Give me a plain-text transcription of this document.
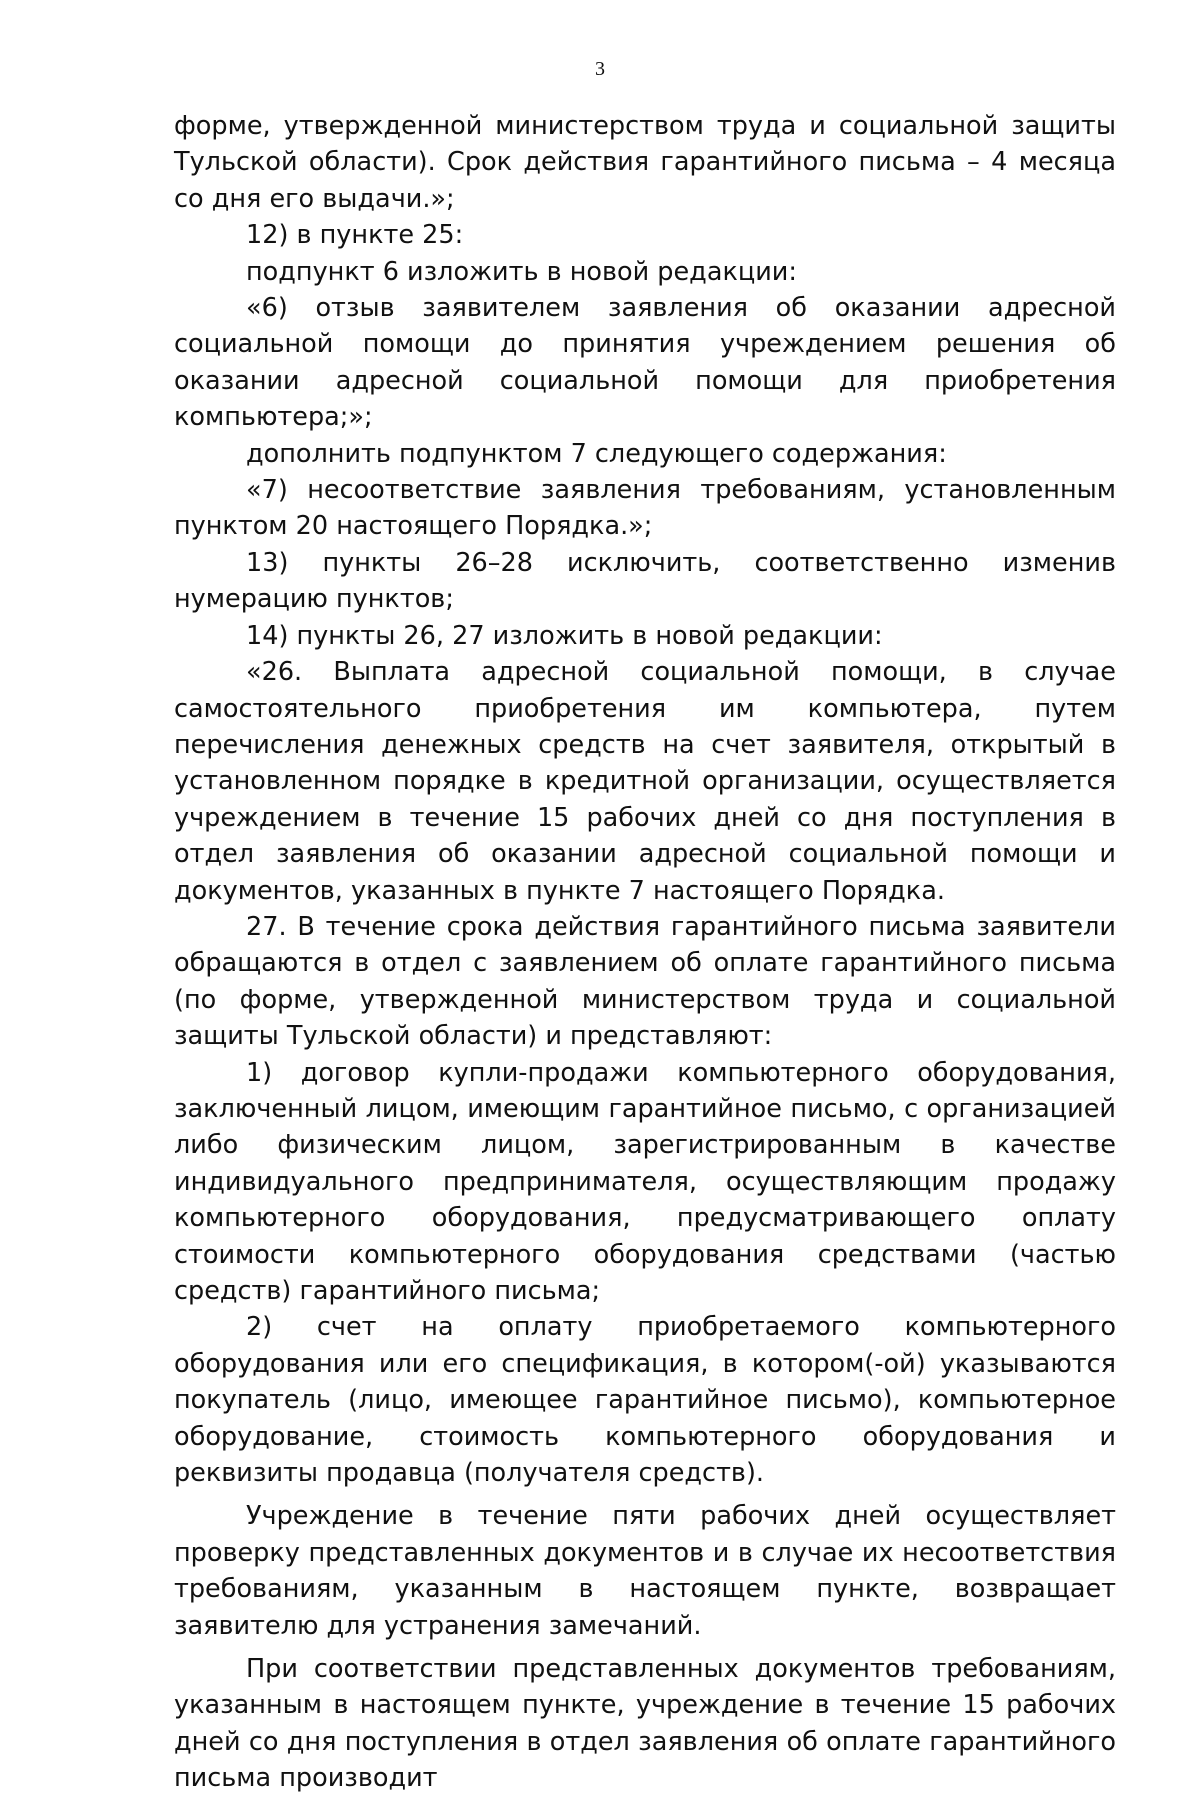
3

форме, утвержденной министерством труда и социальной защиты Тульской области). Срок действия гарантийного письма – 4 месяца со дня его выдачи.»;

12) в пункте 25:

подпункт 6 изложить в новой редакции:

«6) отзыв заявителем заявления об оказании адресной социальной помощи до принятия учреждением решения об оказании адресной социальной помощи для приобретения компьютера;»;

дополнить подпунктом 7 следующего содержания:

«7) несоответствие заявления требованиям, установленным пунктом 20 настоящего Порядка.»;

13) пункты 26–28 исключить, соответственно изменив нумерацию пунктов;

14) пункты 26, 27 изложить в новой редакции:

«26. Выплата адресной социальной помощи, в случае самостоятельного приобретения им компьютера, путем перечисления денежных средств на счет заявителя, открытый в установленном порядке в кредитной организации, осуществляется учреждением в течение 15 рабочих дней со дня поступления в отдел заявления об оказании адресной социальной помощи и документов, указанных в пункте 7 настоящего Порядка.

27. В течение срока действия гарантийного письма заявители обращаются в отдел с заявлением об оплате гарантийного письма (по форме, утвержденной министерством труда и социальной защиты Тульской области) и представляют:

1) договор купли-продажи компьютерного оборудования, заключенный лицом, имеющим гарантийное письмо, с организацией либо физическим лицом, зарегистрированным в качестве индивидуального предпринимателя, осуществляющим продажу компьютерного оборудования, предусматривающего оплату стоимости компьютерного оборудования средствами (частью средств) гарантийного письма;

2) счет на оплату приобретаемого компьютерного оборудования или его спецификация, в котором(-ой) указываются покупатель (лицо, имеющее гарантийное письмо), компьютерное оборудование, стоимость компьютерного оборудования и реквизиты продавца (получателя средств).

Учреждение в течение пяти рабочих дней осуществляет проверку представленных документов и в случае их несоответствия требованиям, указанным в настоящем пункте, возвращает заявителю для устранения замечаний.

При соответствии представленных документов требованиям, указанным в настоящем пункте, учреждение в течение 15 рабочих дней со дня поступления в отдел заявления об оплате гарантийного письма производит
